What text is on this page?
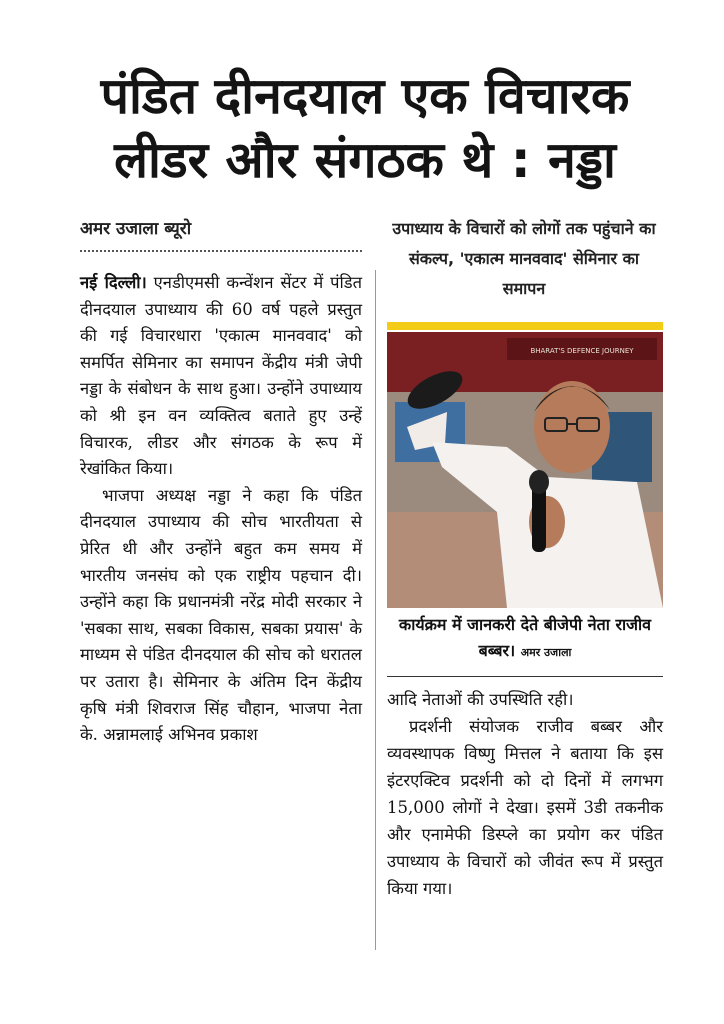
पंडित दीनदयाल एक विचारक
लीडर और संगठक थे : नड्डा
अमर उजाला ब्यूरो

नई दिल्ली। एनडीएमसी कन्वेंशन सेंटर में पंडित दीनदयाल उपाध्याय की 60 वर्ष पहले प्रस्तुत की गई विचारधारा 'एकात्म मानववाद' को समर्पित सेमिनार का समापन केंद्रीय मंत्री जेपी नड्डा के संबोधन के साथ हुआ। उन्होंने उपाध्याय को श्री इन वन व्यक्तित्व बताते हुए उन्हें विचारक, लीडर और संगठक के रूप में रेखांकित किया।

भाजपा अध्यक्ष नड्डा ने कहा कि पंडित दीनदयाल उपाध्याय की सोच भारतीयता से प्रेरित थी और उन्होंने बहुत कम समय में भारतीय जनसंघ को एक राष्ट्रीय पहचान दी। उन्होंने कहा कि प्रधानमंत्री नरेंद्र मोदी सरकार ने 'सबका साथ, सबका विकास, सबका प्रयास' के माध्यम से पंडित दीनदयाल की सोच को धरातल पर उतारा है। सेमिनार के अंतिम दिन केंद्रीय कृषि मंत्री शिवराज सिंह चौहान, भाजपा नेता के. अन्नामलाई अभिनव प्रकाश

उपाध्याय के विचारों को लोगों तक पहुंचाने का संकल्प, 'एकात्म मानववाद' सेमिनार का समापन
BHARAT'S DEFENCE JOURNEY
कार्यक्रम में जानकरी देते बीजेपी नेता राजीव बब्बर। अमर उजाला

आदि नेताओं की उपस्थिति रही।

प्रदर्शनी संयोजक राजीव बब्बर और व्यवस्थापक विष्णु मित्तल ने बताया कि इस इंटरएक्टिव प्रदर्शनी को दो दिनों में लगभग 15,000 लोगों ने देखा। इसमें 3डी तकनीक और एनामेफी डिस्प्ले का प्रयोग कर पंडित उपाध्याय के विचारों को जीवंत रूप में प्रस्तुत किया गया।
